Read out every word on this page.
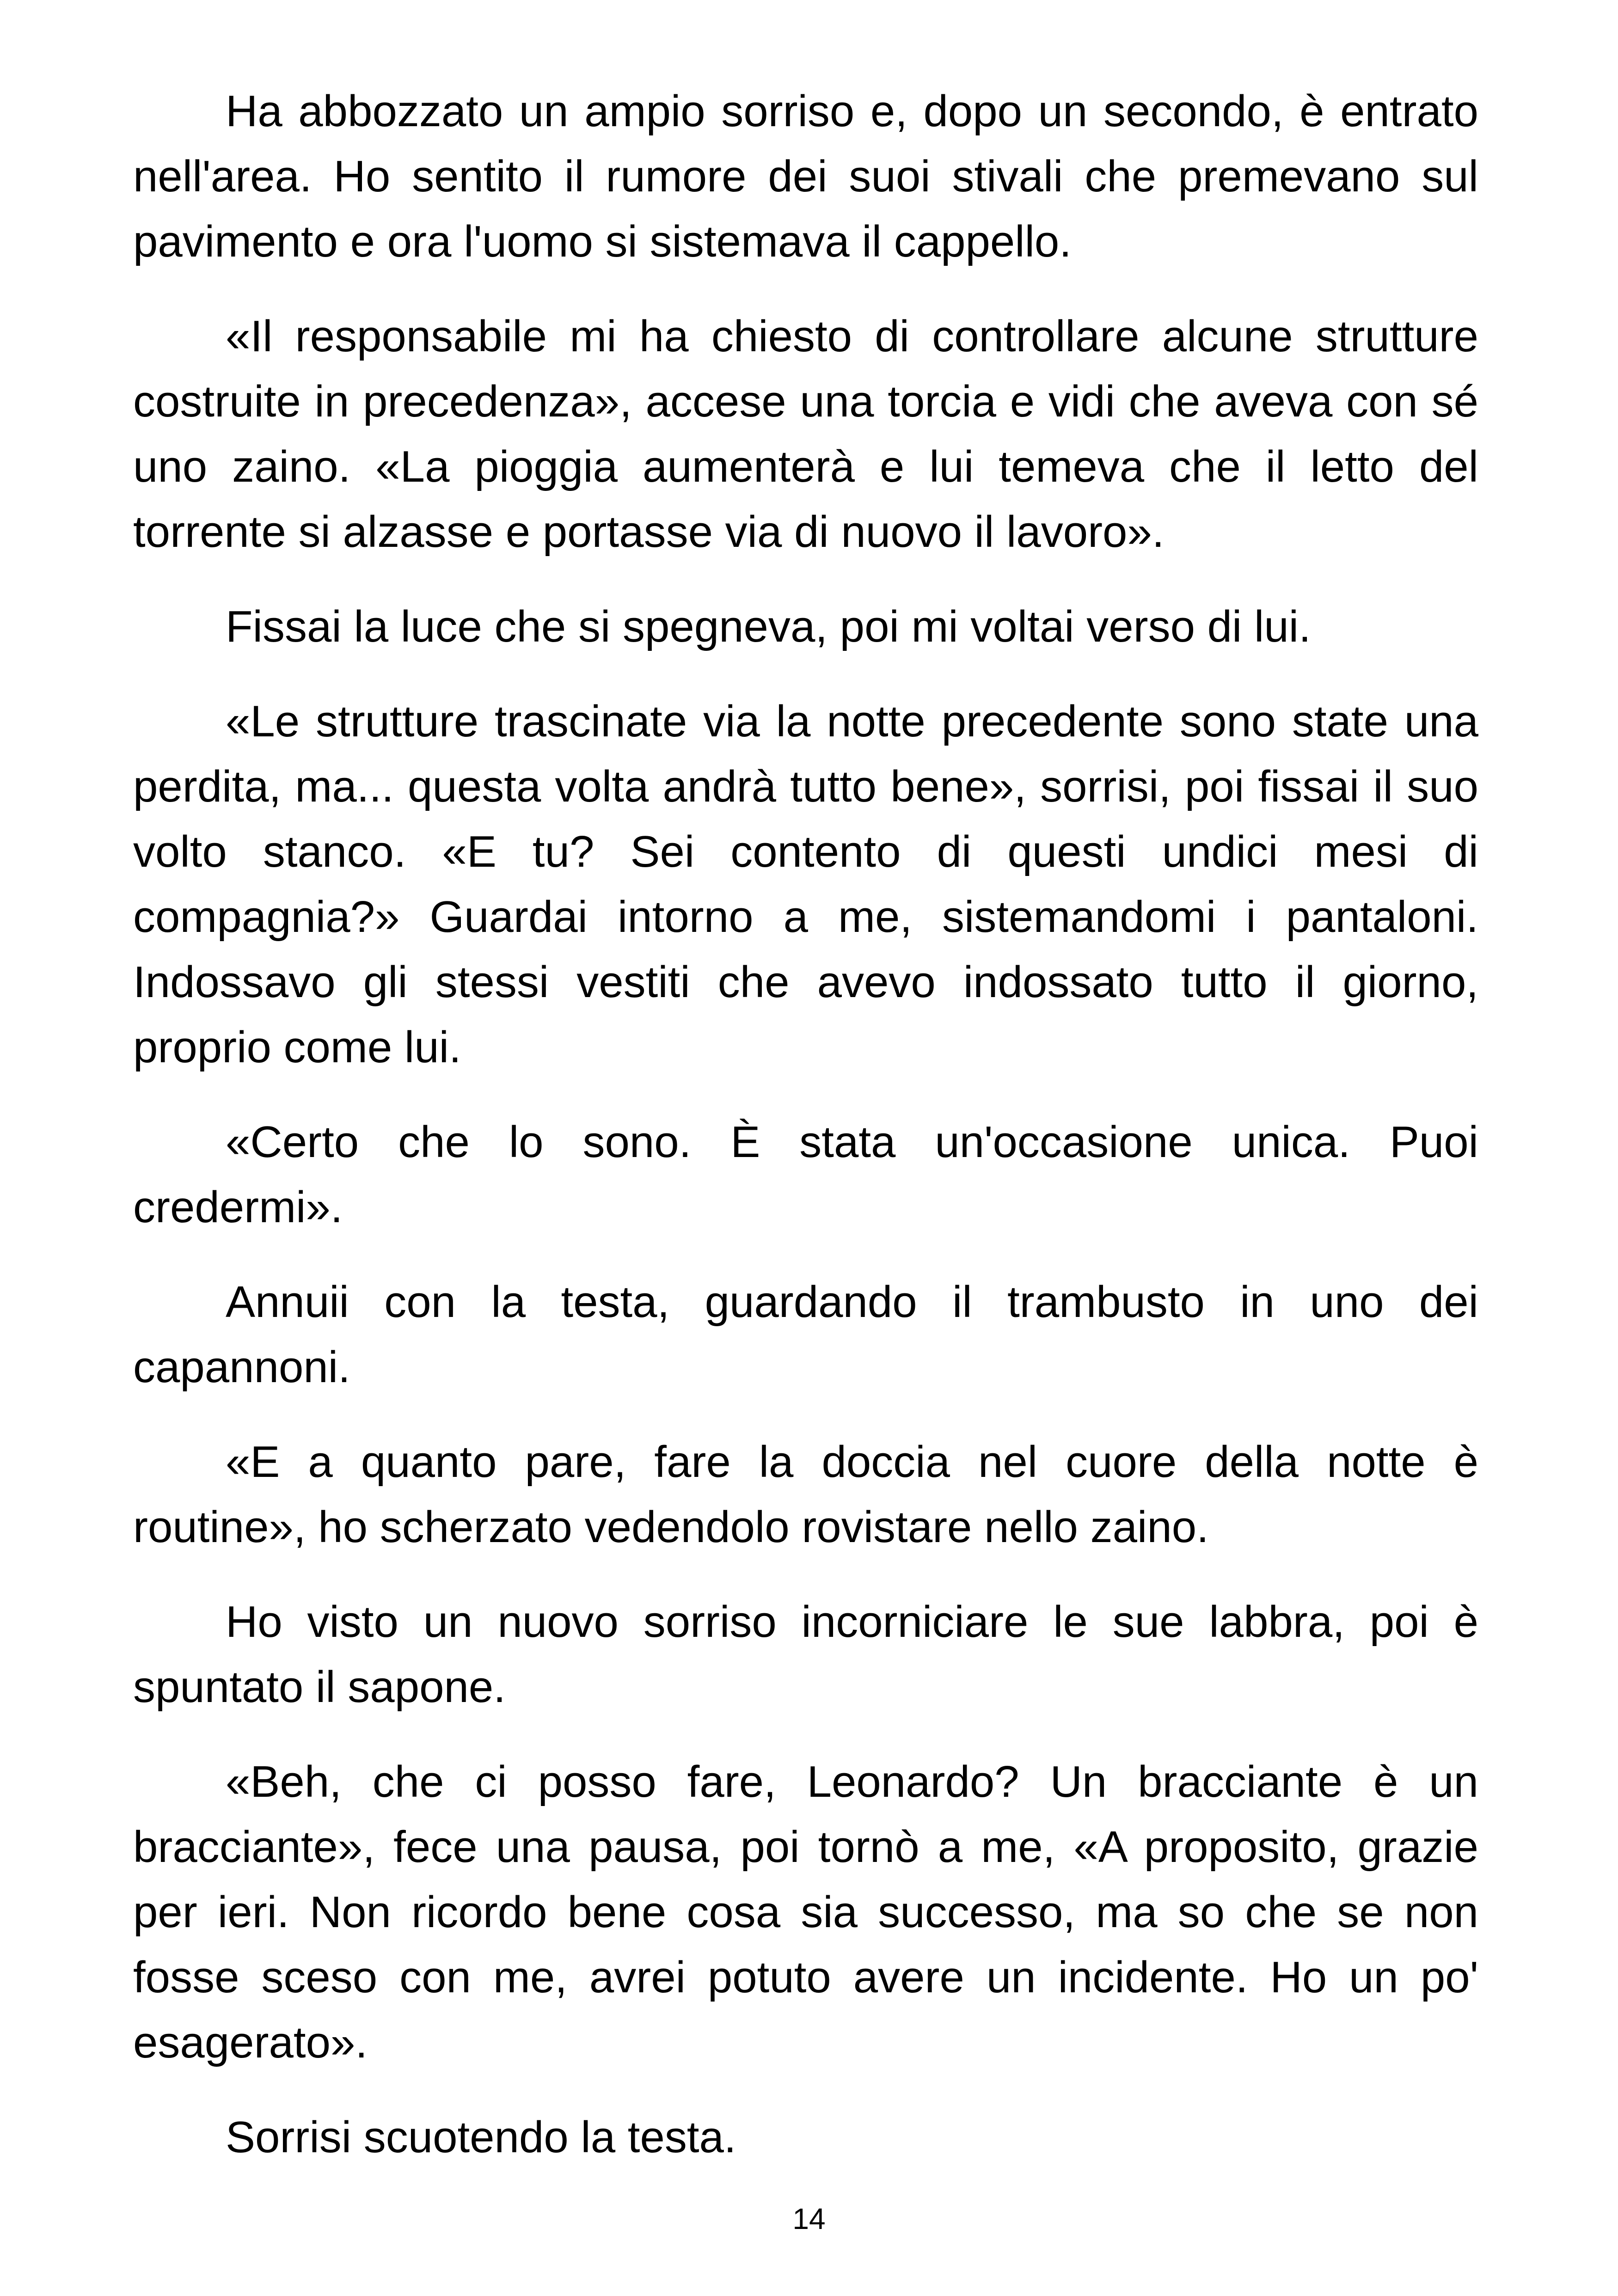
Ha abbozzato un ampio sorriso e, dopo un secondo, è entrato nell'area. Ho sentito il rumore dei suoi stivali che premevano sul pavimento e ora l'uomo si sistemava il cappello.

«Il responsabile mi ha chiesto di controllare alcune strutture costruite in precedenza», accese una torcia e vidi che aveva con sé uno zaino. «La pioggia aumenterà e lui temeva che il letto del torrente si alzasse e portasse via di nuovo il lavoro».

Fissai la luce che si spegneva, poi mi voltai verso di lui.

«Le strutture trascinate via la notte precedente sono state una perdita, ma... questa volta andrà tutto bene», sorrisi, poi fissai il suo volto stanco. «E tu? Sei contento di questi undici mesi di compagnia?» Guardai intorno a me, sistemandomi i pantaloni. Indossavo gli stessi vestiti che avevo indossato tutto il giorno, proprio come lui.

«Certo che lo sono. È stata un'occasione unica. Puoi credermi».

Annuii con la testa, guardando il trambusto in uno dei capannoni.

«E a quanto pare, fare la doccia nel cuore della notte è routine», ho scherzato vedendolo rovistare nello zaino.

Ho visto un nuovo sorriso incorniciare le sue labbra, poi è spuntato il sapone.

«Beh, che ci posso fare, Leonardo? Un bracciante è un bracciante», fece una pausa, poi tornò a me, «A proposito, grazie per ieri. Non ricordo bene cosa sia successo, ma so che se non fosse sceso con me, avrei potuto avere un incidente. Ho un po' esagerato».

Sorrisi scuotendo la testa.

14
